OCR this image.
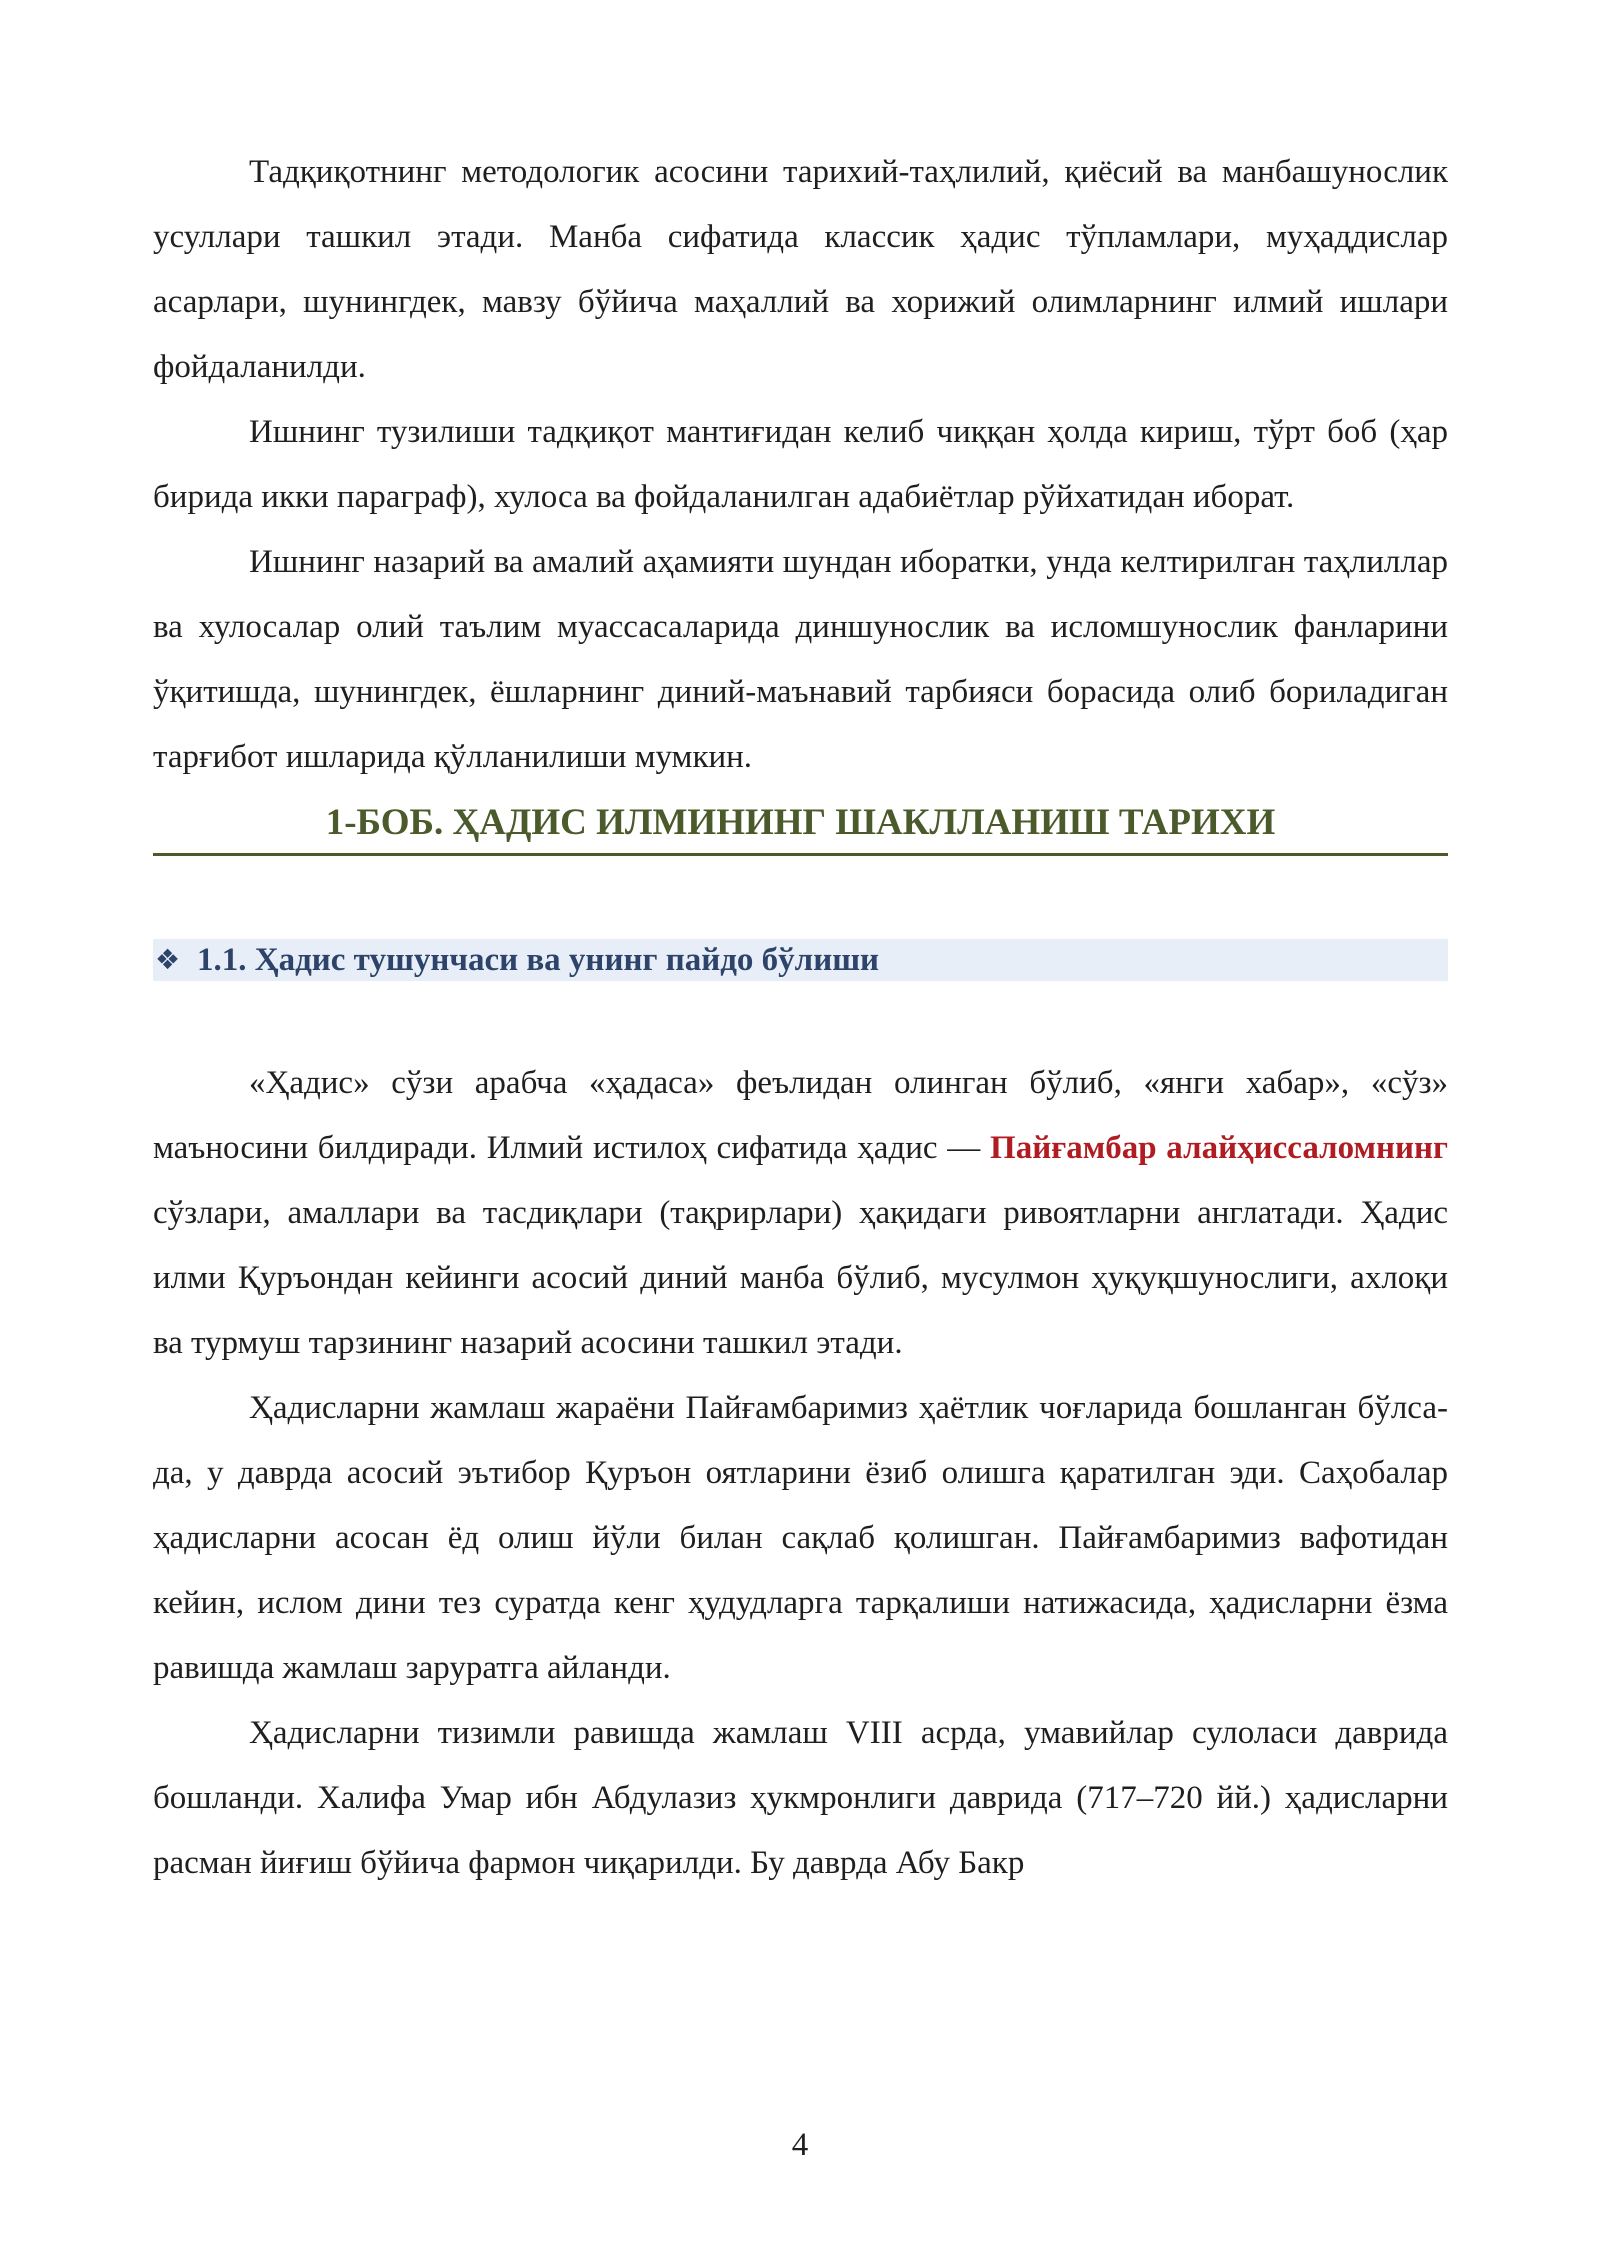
Тадқиқотнинг методологик асосини тарихий-таҳлилий, қиёсий ва манбашунослик усуллари ташкил этади. Манба сифатида классик ҳадис тўпламлари, муҳаддислар асарлари, шунингдек, мавзу бўйича маҳаллий ва хорижий олимларнинг илмий ишлари фойдаланилди.

Ишнинг тузилиши тадқиқот мантиғидан келиб чиққан ҳолда кириш, тўрт боб (ҳар бирида икки параграф), хулоса ва фойдаланилган адабиётлар рўйхатидан иборат.

Ишнинг назарий ва амалий аҳамияти шундан иборатки, унда келтирилган таҳлиллар ва хулосалар олий таълим муассасаларида диншунослик ва исломшунослик фанларини ўқитишда, шунингдек, ёшларнинг диний-маънавий тарбияси борасида олиб бориладиган тарғибот ишларида қўлланилиши мумкин.

1-БОБ. ҲАДИС ИЛМИНИНГ ШАКЛЛАНИШ ТАРИХИ
❖ 1.1. Ҳадис тушунчаси ва унинг пайдо бўлиши

«Ҳадис» сўзи арабча «ҳадаса» феълидан олинган бўлиб, «янги хабар», «сўз» маъносини билдиради. Илмий истилоҳ сифатида ҳадис — Пайғамбар алайҳиссаломнинг сўзлари, амаллари ва тасдиқлари (тақрирлари) ҳақидаги ривоятларни англатади. Ҳадис илми Қуръондан кейинги асосий диний манба бўлиб, мусулмон ҳуқуқшунослиги, ахлоқи ва турмуш тарзининг назарий асосини ташкил этади.

Ҳадисларни жамлаш жараёни Пайғамбаримиз ҳаётлик чоғларида бошланган бўлса-да, у даврда асосий эътибор Қуръон оятларини ёзиб олишга қаратилган эди. Саҳобалар ҳадисларни асосан ёд олиш йўли билан сақлаб қолишган. Пайғамбаримиз вафотидан кейин, ислом дини тез суратда кенг ҳудудларга тарқалиши натижасида, ҳадисларни ёзма равишда жамлаш заруратга айланди.

Ҳадисларни тизимли равишда жамлаш VIII асрда, умавийлар сулоласи даврида бошланди. Халифа Умар ибн Абдулазиз ҳукмронлиги даврида (717–720 йй.) ҳадисларни расман йиғиш бўйича фармон чиқарилди. Бу даврда Абу Бакр

4
